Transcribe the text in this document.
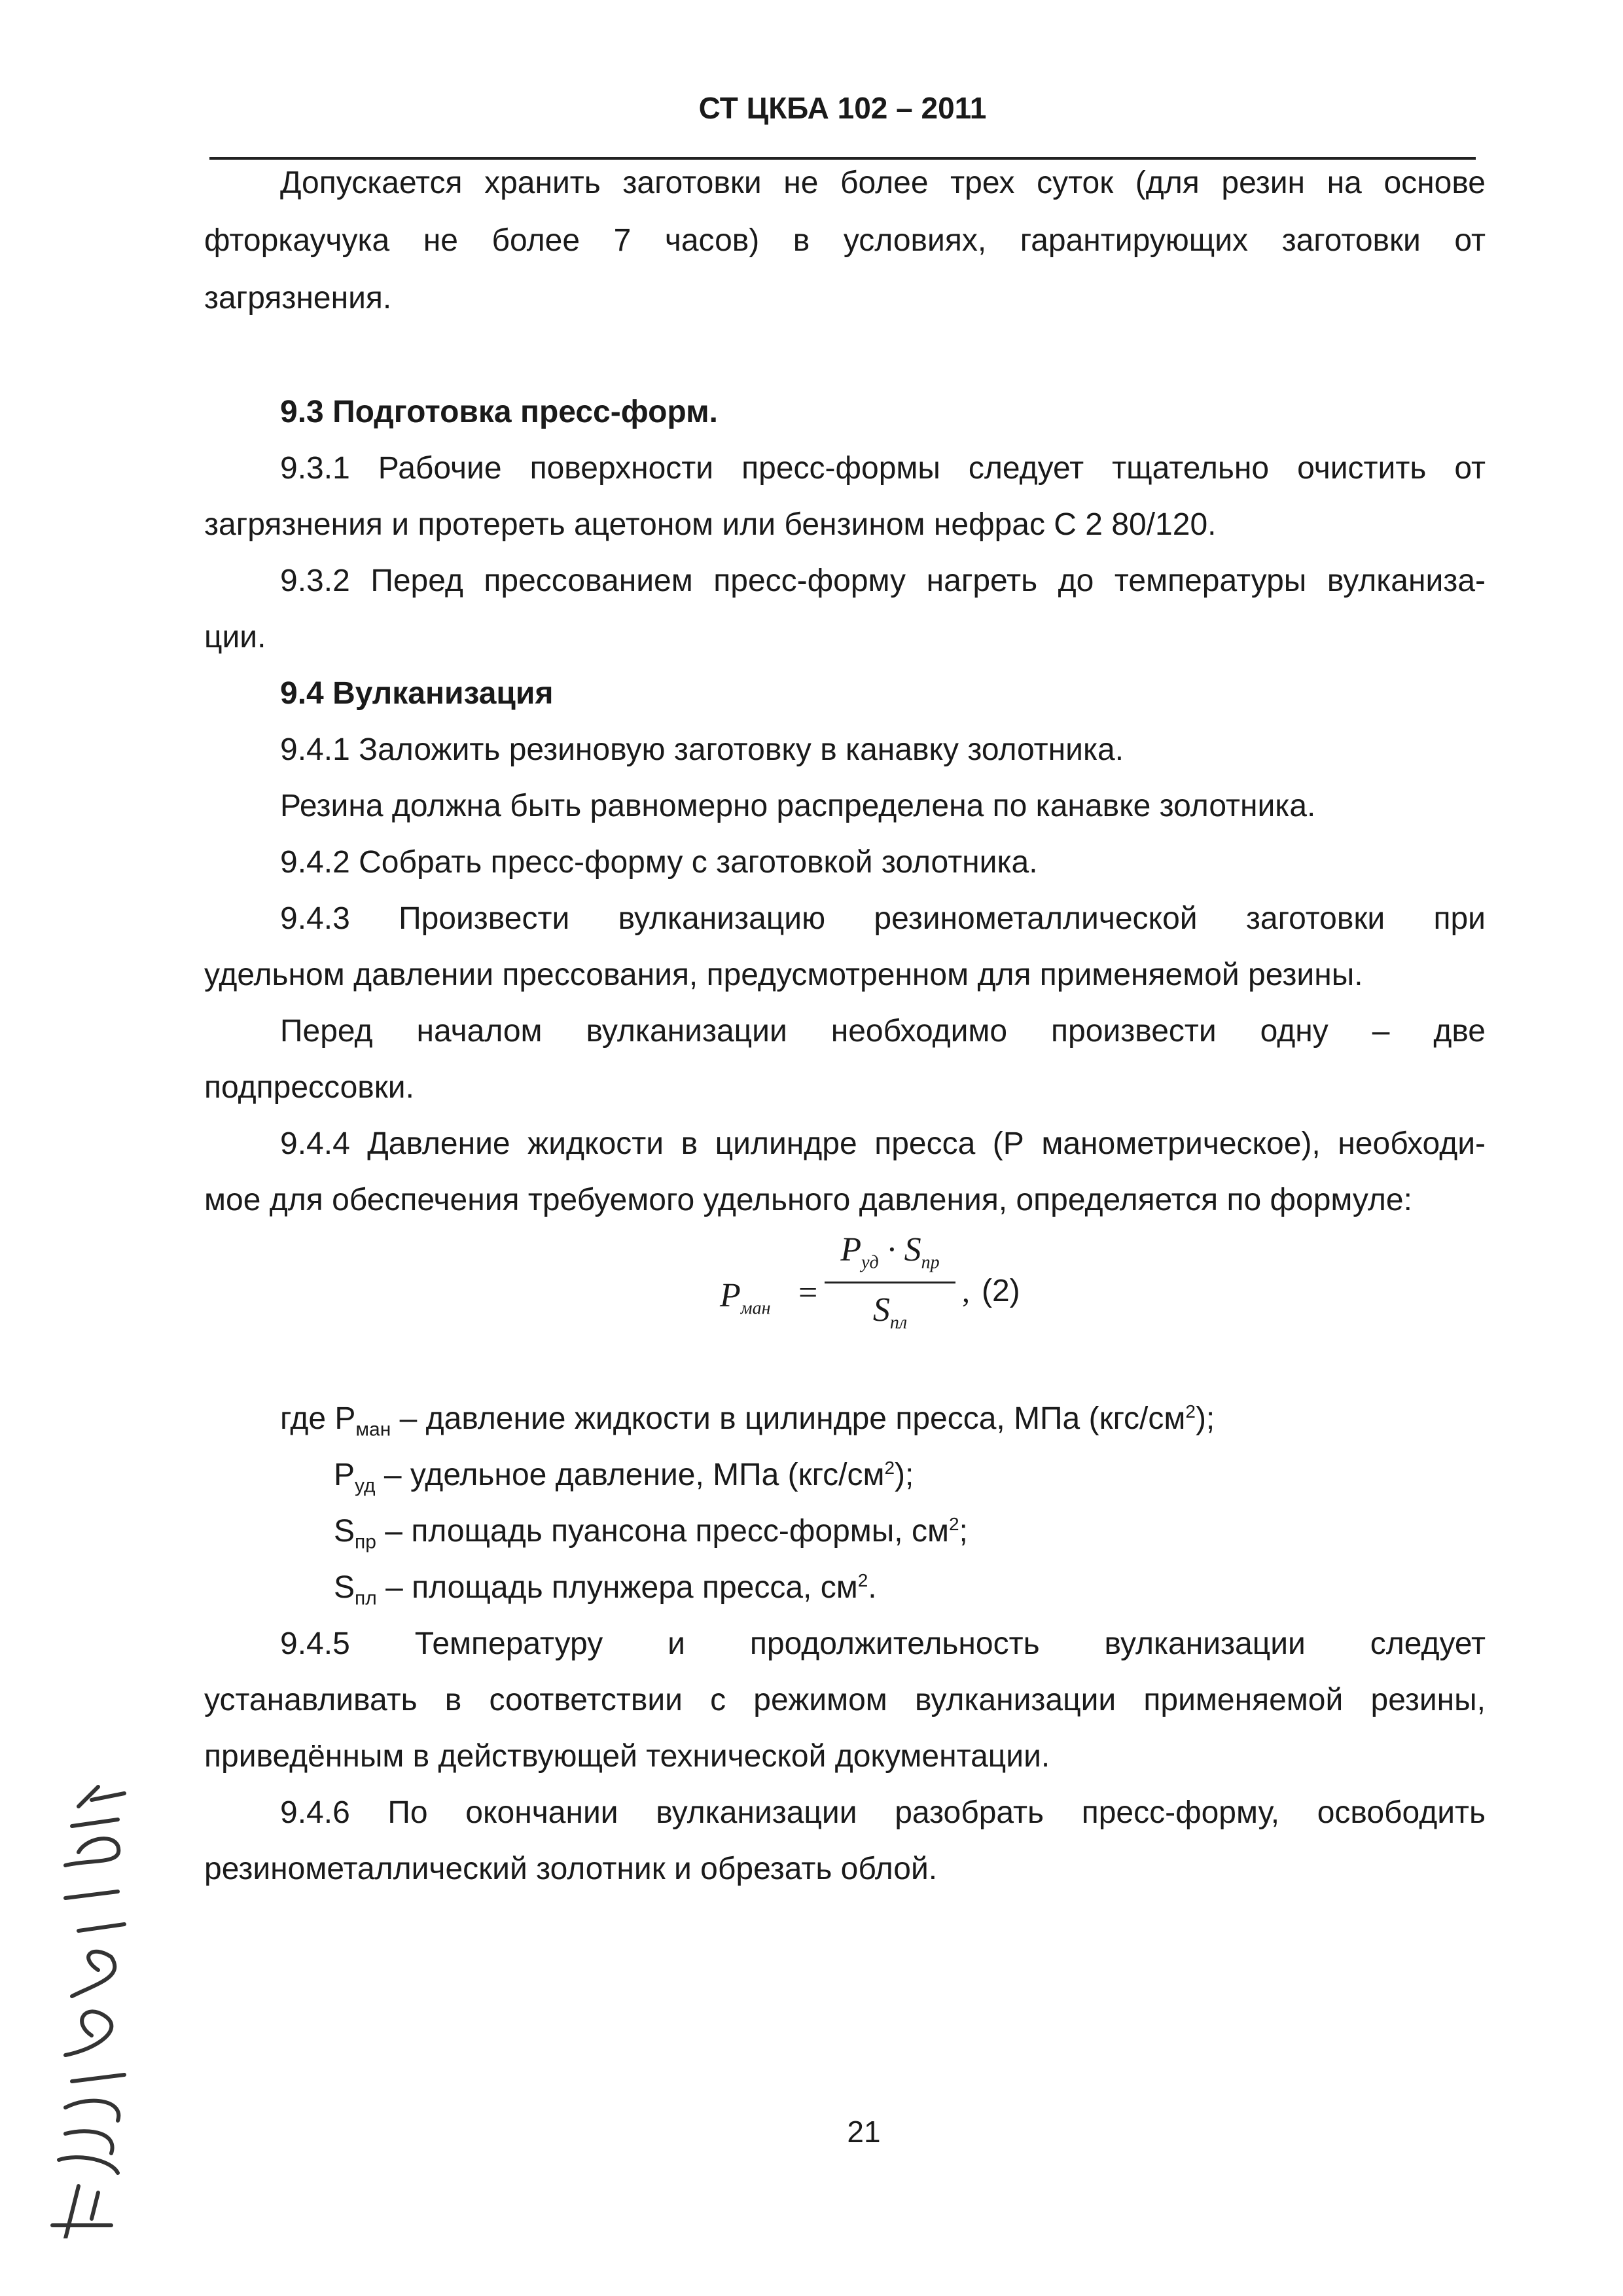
СТ ЦКБА 102 – 2011
Допускается хранить заготовки не более трех суток (для резин на основе
фторкаучука не более 7 часов) в условиях, гарантирующих заготовки от
загрязнения.
9.3 Подготовка пресс-форм.
9.3.1 Рабочие поверхности пресс-формы следует тщательно очистить от
загрязнения и протереть ацетоном или бензином нефрас С 2 80/120.
9.3.2 Перед прессованием пресс-форму нагреть до температуры вулканиза-
ции.
9.4 Вулканизация
9.4.1 Заложить резиновую заготовку в канавку золотника.
Резина должна быть равномерно распределена по канавке золотника.
9.4.2 Собрать пресс-форму с заготовкой золотника.
9.4.3 Произвести вулканизацию резинометаллической заготовки при
удельном давлении прессования, предусмотренном для применяемой резины.
Перед началом вулканизации необходимо произвести одну – две
подпрессовки.
9.4.4 Давление жидкости в цилиндре пресса (Р манометрическое), необходи-
мое для обеспечения требуемого удельного давления, определяется по формуле:
$P_{ман}$ =
$P_{уд} \cdot S_{пр}$
$S_{пл}$
, (2)
где $Р_{ман}$ – давление жидкости в цилиндре пресса, МПа $(кгс/см^2)$;
$Р_{уд}$ – удельное давление, МПа $(кгс/см^2)$;
$S_{пр}$ – площадь пуансона пресс-формы, $см^2$;
$S_{пл}$ – площадь плунжера пресса, $см^2$.
9.4.5 Температуру и продолжительность вулканизации следует
устанавливать в соответствии с режимом вулканизации применяемой резины,
приведённым в действующей технической документации.
9.4.6 По окончании вулканизации разобрать пресс-форму, освободить
резинометаллический золотник и обрезать облой.
21
